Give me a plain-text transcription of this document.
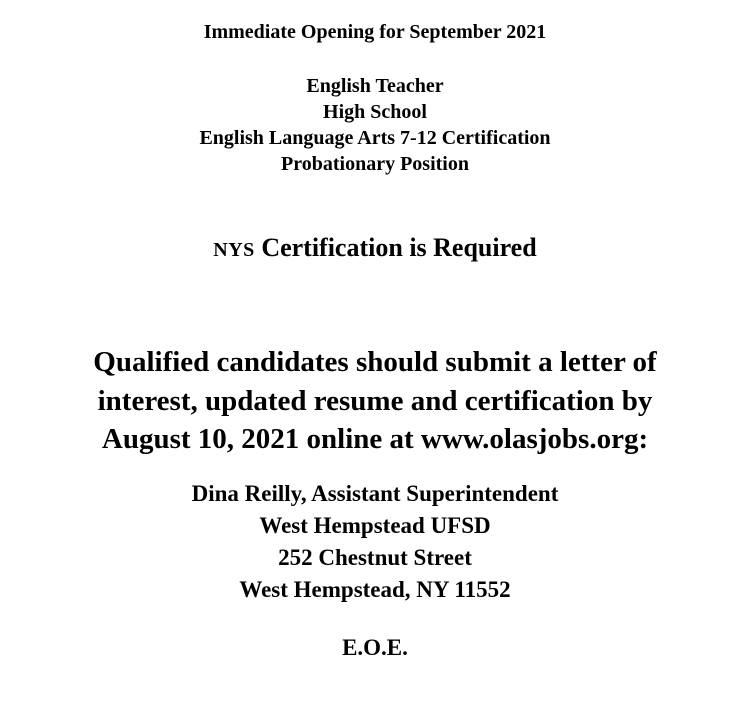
Immediate Opening for September 2021
English Teacher
High School
English Language Arts 7-12 Certification
Probationary Position
NYS Certification is Required
Qualified candidates should submit a letter of
interest, updated resume and certification by
August 10, 2021 online at www.olasjobs.org:
Dina Reilly, Assistant Superintendent
West Hempstead UFSD
252 Chestnut Street
West Hempstead, NY 11552
E.O.E.
